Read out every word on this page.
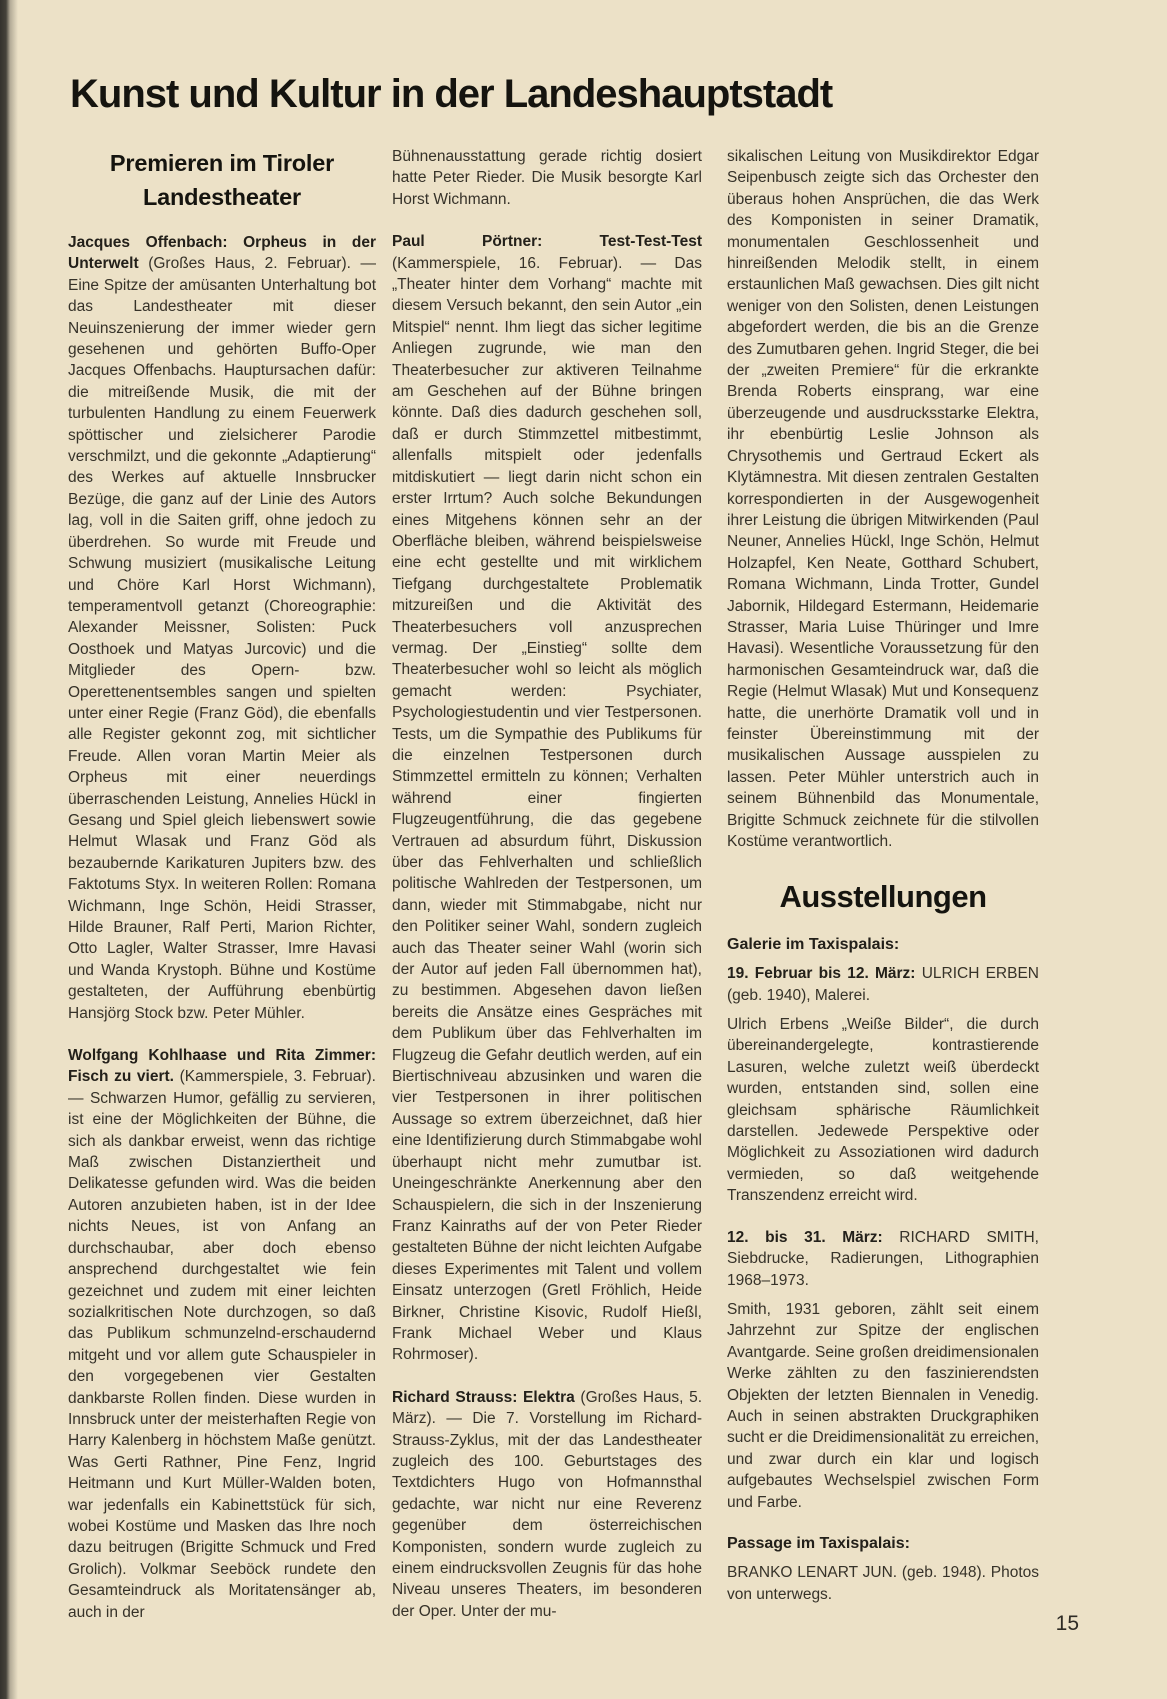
Kunst und Kultur in der Landeshauptstadt
Premieren im Tiroler
Landestheater

Jacques Offenbach: Orpheus in der Unterwelt (Großes Haus, 2. Februar). — Eine Spitze der amüsanten Unterhaltung bot das Landestheater mit dieser Neuinszenierung der immer wieder gern gesehenen und gehörten Buffo-Oper Jacques Offenbachs. Hauptursachen dafür: die mitreißende Musik, die mit der turbulenten Handlung zu einem Feuerwerk spöttischer und zielsicherer Parodie verschmilzt, und die gekonnte „Adaptierung“ des Werkes auf aktuelle Innsbrucker Bezüge, die ganz auf der Linie des Autors lag, voll in die Saiten griff, ohne jedoch zu überdrehen. So wurde mit Freude und Schwung musiziert (musikalische Leitung und Chöre Karl Horst Wichmann), temperamentvoll getanzt (Choreographie: Alexander Meissner, Solisten: Puck Oosthoek und Matyas Jurcovic) und die Mitglieder des Opern- bzw. Operettenentsembles sangen und spielten unter einer Regie (Franz Göd), die ebenfalls alle Register gekonnt zog, mit sichtlicher Freude. Allen voran Martin Meier als Orpheus mit einer neuerdings überraschenden Leistung, Annelies Hückl in Gesang und Spiel gleich liebenswert sowie Helmut Wlasak und Franz Göd als bezaubernde Karikaturen Jupiters bzw. des Faktotums Styx. In weiteren Rollen: Romana Wichmann, Inge Schön, Heidi Strasser, Hilde Brauner, Ralf Perti, Marion Richter, Otto Lagler, Walter Strasser, Imre Havasi und Wanda Krystoph. Bühne und Kostüme gestalteten, der Aufführung ebenbürtig Hansjörg Stock bzw. Peter Mühler.

Wolfgang Kohlhaase und Rita Zimmer: Fisch zu viert. (Kammerspiele, 3. Februar). — Schwarzen Humor, gefällig zu servieren, ist eine der Möglichkeiten der Bühne, die sich als dankbar erweist, wenn das richtige Maß zwischen Distanziertheit und Delikatesse gefunden wird. Was die beiden Autoren anzubieten haben, ist in der Idee nichts Neues, ist von Anfang an durchschaubar, aber doch ebenso ansprechend durchgestaltet wie fein gezeichnet und zudem mit einer leichten sozialkritischen Note durchzogen, so daß das Publikum schmunzelnd-erschaudernd mitgeht und vor allem gute Schauspieler in den vorgegebenen vier Gestalten dankbarste Rollen finden. Diese wurden in Innsbruck unter der meisterhaften Regie von Harry Kalenberg in höchstem Maße genützt. Was Gerti Rathner, Pine Fenz, Ingrid Heitmann und Kurt Müller-Walden boten, war jedenfalls ein Kabinettstück für sich, wobei Kostüme und Masken das Ihre noch dazu beitrugen (Brigitte Schmuck und Fred Grolich). Volkmar Seeböck rundete den Gesamteindruck als Moritatensänger ab, auch in der

Bühnenausstattung gerade richtig dosiert hatte Peter Rieder. Die Musik besorgte Karl Horst Wichmann.

Paul Pörtner: Test-Test-Test (Kammerspiele, 16. Februar). — Das „Theater hinter dem Vorhang“ machte mit diesem Versuch bekannt, den sein Autor „ein Mitspiel“ nennt. Ihm liegt das sicher legitime Anliegen zugrunde, wie man den Theaterbesucher zur aktiveren Teilnahme am Geschehen auf der Bühne bringen könnte. Daß dies dadurch geschehen soll, daß er durch Stimmzettel mitbestimmt, allenfalls mitspielt oder jedenfalls mitdiskutiert — liegt darin nicht schon ein erster Irrtum? Auch solche Bekundungen eines Mitgehens können sehr an der Oberfläche bleiben, während beispielsweise eine echt gestellte und mit wirklichem Tiefgang durchgestaltete Problematik mitzureißen und die Aktivität des Theaterbesuchers voll anzusprechen vermag. Der „Einstieg“ sollte dem Theaterbesucher wohl so leicht als möglich gemacht werden: Psychiater, Psychologiestudentin und vier Testpersonen. Tests, um die Sympathie des Publikums für die einzelnen Testpersonen durch Stimmzettel ermitteln zu können; Verhalten während einer fingierten Flugzeugentführung, die das gegebene Vertrauen ad absurdum führt, Diskussion über das Fehlverhalten und schließlich politische Wahlreden der Testpersonen, um dann, wieder mit Stimmabgabe, nicht nur den Politiker seiner Wahl, sondern zugleich auch das Theater seiner Wahl (worin sich der Autor auf jeden Fall übernommen hat), zu bestimmen. Abgesehen davon ließen bereits die Ansätze eines Gespräches mit dem Publikum über das Fehlverhalten im Flugzeug die Gefahr deutlich werden, auf ein Biertischniveau abzusinken und waren die vier Testpersonen in ihrer politischen Aussage so extrem überzeichnet, daß hier eine Identifizierung durch Stimmabgabe wohl überhaupt nicht mehr zumutbar ist. Uneingeschränkte Anerkennung aber den Schauspielern, die sich in der Inszenierung Franz Kainraths auf der von Peter Rieder gestalteten Bühne der nicht leichten Aufgabe dieses Experimentes mit Talent und vollem Einsatz unterzogen (Gretl Fröhlich, Heide Birkner, Christine Kisovic, Rudolf Hießl, Frank Michael Weber und Klaus Rohrmoser).

Richard Strauss: Elektra (Großes Haus, 5. März). — Die 7. Vorstellung im Richard-Strauss-Zyklus, mit der das Landestheater zugleich des 100. Geburtstages des Textdichters Hugo von Hofmannsthal gedachte, war nicht nur eine Reverenz gegenüber dem österreichischen Komponisten, sondern wurde zugleich zu einem eindrucksvollen Zeugnis für das hohe Niveau unseres Theaters, im besonderen der Oper. Unter der mu-

sikalischen Leitung von Musikdirektor Edgar Seipenbusch zeigte sich das Orchester den überaus hohen Ansprüchen, die das Werk des Komponisten in seiner Dramatik, monumentalen Geschlossenheit und hinreißenden Melodik stellt, in einem erstaunlichen Maß gewachsen. Dies gilt nicht weniger von den Solisten, denen Leistungen abgefordert werden, die bis an die Grenze des Zumutbaren gehen. Ingrid Steger, die bei der „zweiten Premiere“ für die erkrankte Brenda Roberts einsprang, war eine überzeugende und ausdrucksstarke Elektra, ihr ebenbürtig Leslie Johnson als Chrysothemis und Gertraud Eckert als Klytämnestra. Mit diesen zentralen Gestalten korrespondierten in der Ausgewogenheit ihrer Leistung die übrigen Mitwirkenden (Paul Neuner, Annelies Hückl, Inge Schön, Helmut Holzapfel, Ken Neate, Gotthard Schubert, Romana Wichmann, Linda Trotter, Gundel Jabornik, Hildegard Estermann, Heidemarie Strasser, Maria Luise Thüringer und Imre Havasi). Wesentliche Voraussetzung für den harmonischen Gesamteindruck war, daß die Regie (Helmut Wlasak) Mut und Konsequenz hatte, die unerhörte Dramatik voll und in feinster Übereinstimmung mit der musikalischen Aussage ausspielen zu lassen. Peter Mühler unterstrich auch in seinem Bühnenbild das Monumentale, Brigitte Schmuck zeichnete für die stilvollen Kostüme verantwortlich.

Ausstellungen

Galerie im Taxispalais:

19. Februar bis 12. März: ULRICH ERBEN (geb. 1940), Malerei.

Ulrich Erbens „Weiße Bilder“, die durch übereinandergelegte, kontrastierende Lasuren, welche zuletzt weiß überdeckt wurden, entstanden sind, sollen eine gleichsam sphärische Räumlichkeit darstellen. Jedewede Perspektive oder Möglichkeit zu Assoziationen wird dadurch vermieden, so daß weitgehende Transzendenz erreicht wird.

12. bis 31. März: RICHARD SMITH, Siebdrucke, Radierungen, Lithographien 1968–1973.

Smith, 1931 geboren, zählt seit einem Jahrzehnt zur Spitze der englischen Avantgarde. Seine großen dreidimensionalen Werke zählten zu den faszinierendsten Objekten der letzten Biennalen in Venedig. Auch in seinen abstrakten Druckgraphiken sucht er die Dreidimensionalität zu erreichen, und zwar durch ein klar und logisch aufgebautes Wechselspiel zwischen Form und Farbe.

Passage im Taxispalais:

BRANKO LENART JUN. (geb. 1948). Photos von unterwegs.

15
